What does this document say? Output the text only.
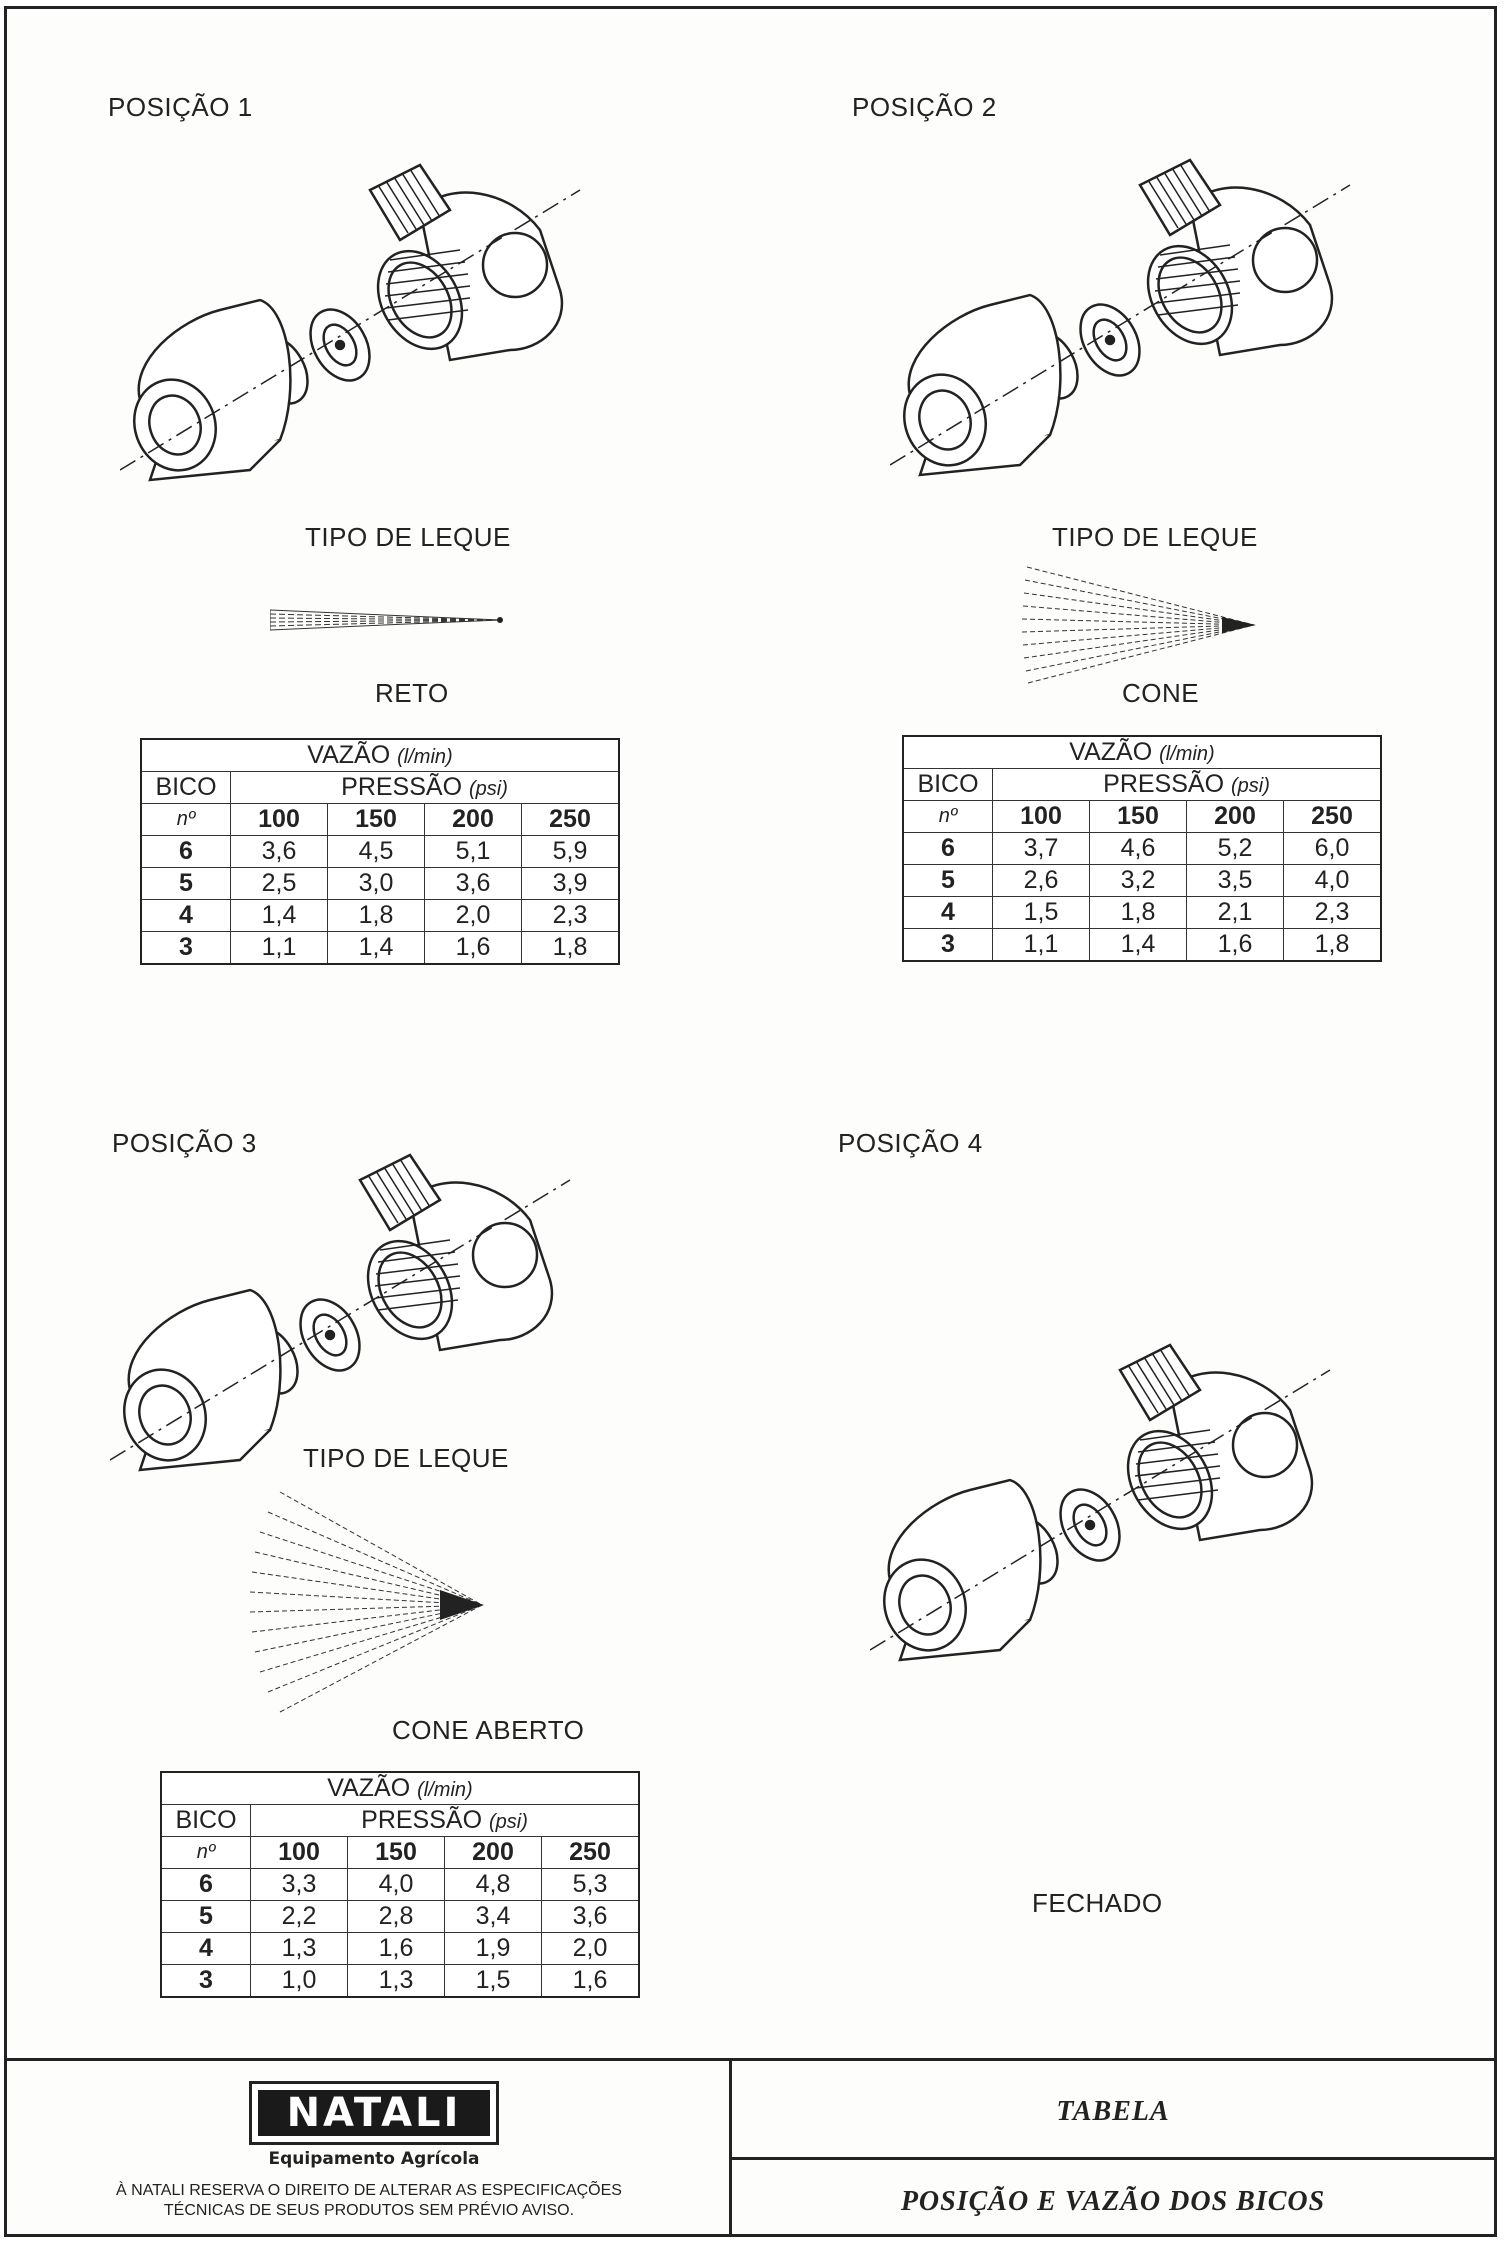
POSIÇÃO 1
TIPO DE LEQUE
RETO
VAZÃO (l/min)				
BICO	PRESSÃO (psi)			
nº	100	150	200	250
6	3,6	4,5	5,1	5,9
5	2,5	3,0	3,6	3,9
4	1,4	1,8	2,0	2,3
3	1,1	1,4	1,6	1,8
POSIÇÃO 2
TIPO DE LEQUE
CONE
VAZÃO (l/min)				
BICO	PRESSÃO (psi)			
nº	100	150	200	250
6	3,7	4,6	5,2	6,0
5	2,6	3,2	3,5	4,0
4	1,5	1,8	2,1	2,3
3	1,1	1,4	1,6	1,8
POSIÇÃO 3
TIPO DE LEQUE
CONE ABERTO
VAZÃO (l/min)				
BICO	PRESSÃO (psi)			
nº	100	150	200	250
6	3,3	4,0	4,8	5,3
5	2,2	2,8	3,4	3,6
4	1,3	1,6	1,9	2,0
3	1,0	1,3	1,5	1,6
POSIÇÃO 4
FECHADO
NATALI
Equipamento Agrícola
À NATALI RESERVA O DIREITO DE ALTERAR AS ESPECIFICAÇÕES
TÉCNICAS DE SEUS PRODUTOS SEM PRÉVIO AVISO.
TABELA
POSIÇÃO E VAZÃO DOS BICOS
